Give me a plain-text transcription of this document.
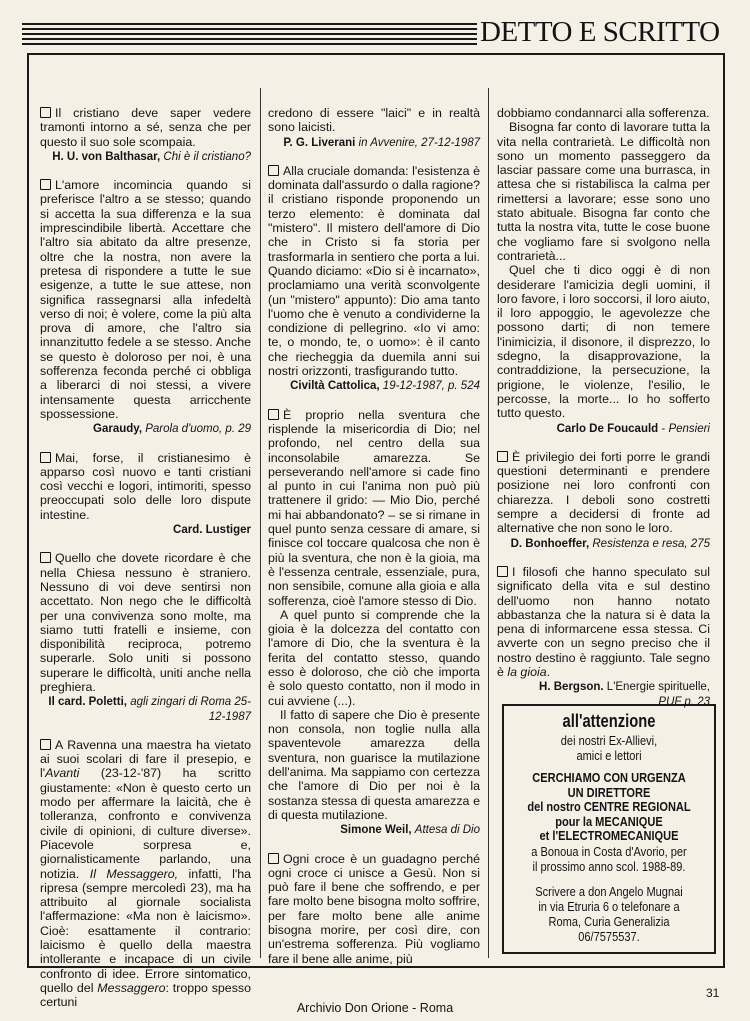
DETTO E SCRITTO

Il cristiano deve saper vedere tramonti intorno a sé, senza che per questo il suo sole scompaia.

H. U. von Balthasar, Chi è il cristiano?

L'amore incomincia quando si preferisce l'altro a se stesso; quando si accetta la sua differenza e la sua imprescindibile libertà. Accettare che l'altro sia abitato da altre presenze, oltre che la nostra, non avere la pretesa di rispondere a tutte le sue esigenze, a tutte le sue attese, non significa rassegnarsi alla infedeltà verso di noi; è volere, come la più alta prova di amore, che l'altro sia innanzitutto fedele a se stesso. Anche se questo è doloroso per noi, è una sofferenza feconda perché ci obbliga a liberarci di noi stessi, a vivere intensamente questa arricchente spossessione.

Garaudy, Parola d'uomo, p. 29

Mai, forse, il cristianesimo è apparso così nuovo e tanti cristiani così vecchi e logori, intimoriti, spesso preoccupati solo delle loro dispute intestine.

Card. Lustiger

Quello che dovete ricordare è che nella Chiesa nessuno è straniero. Nessuno di voi deve sentirsi non accettato. Non nego che le difficoltà per una convivenza sono molte, ma siamo tutti fratelli e insieme, con disponibilità reciproca, potremo superarle. Solo uniti si possono superare le difficoltà, uniti anche nella preghiera.

Il card. Poletti, agli zingari di Roma 25-12-1987

A Ravenna una maestra ha vietato ai suoi scolari di fare il presepio, e l'Avanti (23-12-'87) ha scritto giustamente: «Non è questo certo un modo per affermare la laicità, che è tolleranza, confronto e convivenza civile di opinioni, di culture diverse». Piacevole sorpresa e, giornalisticamente parlando, una notizia. Il Messaggero, infatti, l'ha ripresa (sempre mercoledì 23), ma ha attribuito al giornale socialista l'affermazione: «Ma non è laicismo». Cioè: esattamente il contrario: laicismo è quello della maestra intollerante e incapace di un civile confronto di idee. Errore sintomatico, quello del Messaggero: troppo spesso certuni

credono di essere "laici" e in realtà sono laicisti.

P. G. Liverani in Avvenire, 27-12-1987

Alla cruciale domanda: l'esistenza è dominata dall'assurdo o dalla ragione? il cristiano risponde proponendo un terzo elemento: è dominata dal "mistero". Il mistero dell'amore di Dio che in Cristo si fa storia per trasformarla in sentiero che porta a lui. Quando diciamo: «Dio si è incarnato», proclamiamo una verità sconvolgente (un "mistero" appunto): Dio ama tanto l'uomo che è venuto a condividerne la condizione di pellegrino. «Io vi amo: te, o mondo, te, o uomo»: è il canto che riecheggia da duemila anni sui nostri orizzonti, trasfigurando tutto.

Civiltà Cattolica, 19-12-1987, p. 524

È proprio nella sventura che risplende la misericordia di Dio; nel profondo, nel centro della sua inconsolabile amarezza. Se perseverando nell'amore si cade fino al punto in cui l'anima non può più trattenere il grido: — Mio Dio, perché mi hai abbandonato? – se si rimane in quel punto senza cessare di amare, si finisce col toccare qualcosa che non è più la sventura, che non è la gioia, ma è l'essenza centrale, essenziale, pura, non sensibile, comune alla gioia e alla sofferenza, cioè l'amore stesso di Dio.

A quel punto si comprende che la gioia è la dolcezza del contatto con l'amore di Dio, che la sventura è la ferita del contatto stesso, quando esso è doloroso, che ciò che importa è solo questo contatto, non il modo in cui avviene (...).

Il fatto di sapere che Dio è presente non consola, non toglie nulla alla spaventevole amarezza della sventura, non guarisce la mutilazione dell'anima. Ma sappiamo con certezza che l'amore di Dio per noi è la sostanza stessa di questa amarezza e di questa mutilazione.

Simone Weil, Attesa di Dio

Ogni croce è un guadagno perché ogni croce ci unisce a Gesù. Non si può fare il bene che soffrendo, e per fare molto bene bisogna molto soffrire, per fare molto bene alle anime bisogna morire, per così dire, con un'estrema sofferenza. Più vogliamo fare il bene alle anime, più

dobbiamo condannarci alla sofferenza.

Bisogna far conto di lavorare tutta la vita nella contrarietà. Le difficoltà non sono un momento passeggero da lasciar passare come una burrasca, in attesa che si ristabilisca la calma per rimettersi a lavorare; esse sono uno stato abituale. Bisogna far conto che tutta la nostra vita, tutte le cose buone che vogliamo fare si svolgono nella contrarietà...

Quel che ti dico oggi è di non desiderare l'amicizia degli uomini, il loro favore, i loro soccorsi, il loro aiuto, il loro appoggio, le agevolezze che possono darti; di non temere l'inimicizia, il disonore, il disprezzo, lo sdegno, la disapprovazione, la contraddizione, la persecuzione, la prigione, le violenze, l'esilio, le percosse, la morte... Io ho sofferto tutto questo.

Carlo De Foucauld - Pensieri

È privilegio dei forti porre le grandi questioni determinanti e prendere posizione nei loro confronti con chiarezza. I deboli sono costretti sempre a decidersi di fronte ad alternative che non sono le loro.

D. Bonhoeffer, Resistenza e resa, 275

I filosofi che hanno speculato sul significato della vita e sul destino dell'uomo non hanno notato abbastanza che la natura si è data la pena di informarcene essa stessa. Ci avverte con un segno preciso che il nostro destino è raggiunto. Tale segno è la gioia.

H. Bergson. L'Energie spirituelle,
PUF p. 23
all'attenzione
dei nostri Ex-Allievi,
amici e lettori
CERCHIAMO CON URGENZA
UN DIRETTORE
del nostro CENTRE REGIONAL
pour la MECANIQUE
et l'ELECTROMECANIQUE
a Bonoua in Costa d'Avorio, per
il prossimo anno scol. 1988-89.
Scrivere a don Angelo Mugnai
in via Etruria 6 o telefonare a
Roma, Curia Generalizia
06/7575537.
31
Archivio Don Orione - Roma
